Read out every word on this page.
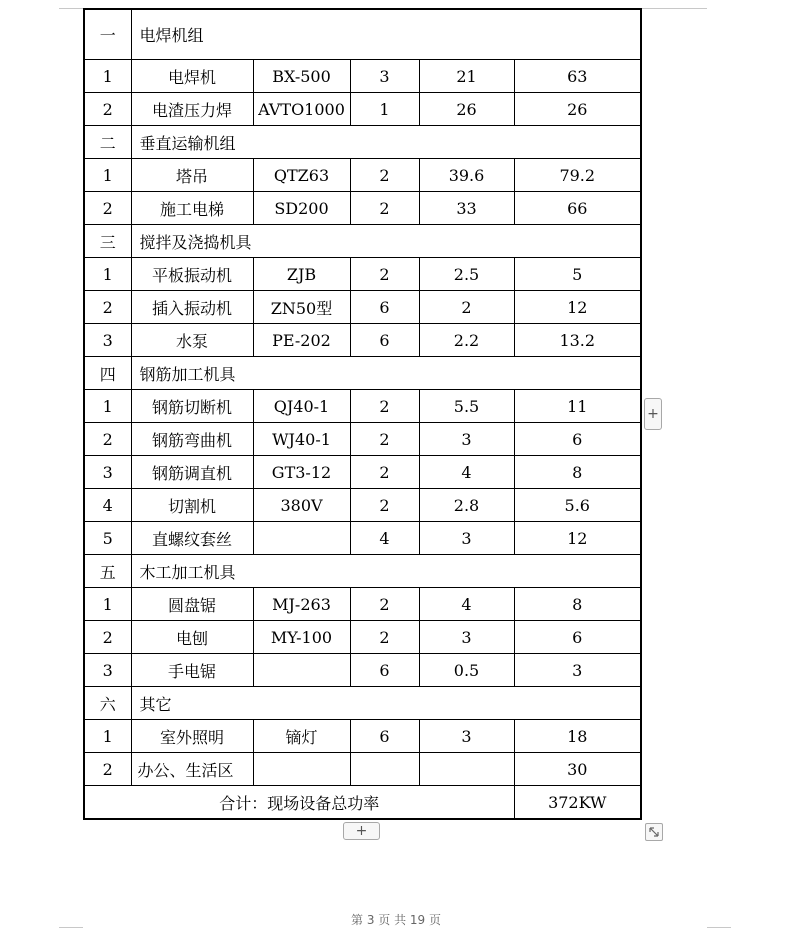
一	电焊机组				
1	电焊机	BX-500	3	21	63
2	电渣压力焊	AVTO1000	1	26	26
二	垂直运输机组				
1	塔吊	QTZ63	2	39.6	79.2
2	施工电梯	SD200	2	33	66
三	搅拌及浇捣机具				
1	平板振动机	ZJB	2	2.5	5
2	插入振动机	ZN50型	6	2	12
3	水泵	PE-202	6	2.2	13.2
四	钢筋加工机具				
1	钢筋切断机	QJ40-1	2	5.5	11
2	钢筋弯曲机	WJ40-1	2	3	6
3	钢筋调直机	GT3-12	2	4	8
4	切割机	380V	2	2.8	5.6
5	直螺纹套丝		4	3	12
五	木工加工机具				
1	圆盘锯	MJ-263	2	4	8
2	电刨	MY-100	2	3	6
3	手电锯		6	0.5	3
六	其它				
1	室外照明	镝灯	6	3	18
2	办公、生活区				30
合计：现场设备总功率					372KW
+
+
第 3 页 共 19 页
